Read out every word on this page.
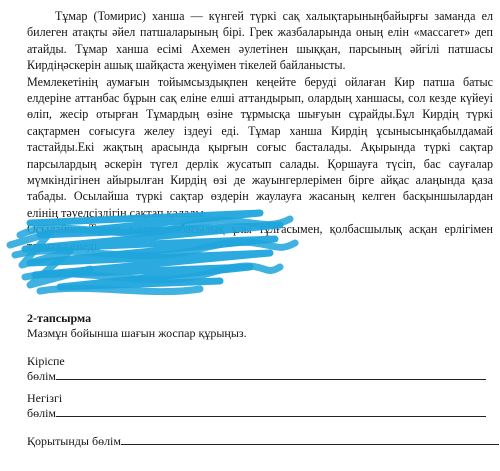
Тұмар (Томирис) ханша — күнгей түркі сақ халықтарыныңбайырғы заманда ел билеген атақты әйел патшаларының бірі. Грек жазбаларында оның елін «массагет» деп атайды. Тұмар ханша есімі Ахемен әулетінен шыққан, парсының әйгілі патшасы Кирдіңәскерін ашық шайқаста жеңуімен тікелей байланысты.

Мемлекетінің аумағын тойымсыздықпен кеңейте беруді ойлаған Кир патша батыс елдеріне аттанбас бұрын сақ еліне елші аттандырып, олардың ханшасы, сол кезде күйеуі өліп, жесір отырған Тұмардың өзіне тұрмысқа шығуын сұрайды.Бұл Кирдің түркі сақтармен соғысуға желеу іздеуі еді. Тұмар ханша Кирдің ұсынысынқабылдамай тастайды.Екі жақтың арасында қырғын соғыс басталады. Ақырында түркі сақтар парсылардың әскерін түгел дерлік жусатып салады. Қоршауға түсіп, бас сауғалар мүмкіндігінен айырылған Кирдің өзі де жауынгерлерімен бірге айқас алаңында қаза табады. Осылайша түркі сақтар өздерін жаулауға жасаның келген басқыншылардан елінің тәуелсіздігін сақтап қалады.

Осылайша Тұмар ханша елбасылық ұлы тұлғасымен, қолбасшылық асқан ерлігімен тарихқа енеді.

2-тапсырма
Мазмұн бойынша шағын жоспар құрыңыз.
Кіріспе
бөлім
Негізгі
бөлім
Қорытынды бөлім
